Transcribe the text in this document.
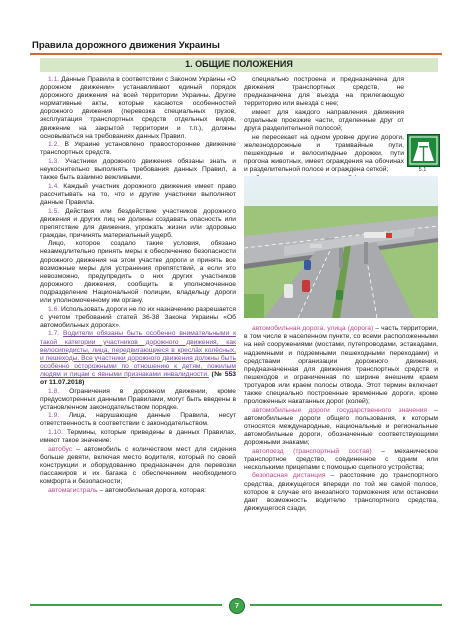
Правила дорожного движения Украины
1. ОБЩИЕ ПОЛОЖЕНИЯ

1.1. Данные Правила в соответствии с Законом Украины «О дорожном движении» устанавливают единый порядок дорожного движения на всей территории Украины. Другие нормативные акты, которые касаются особенностей дорожного движения (перевозка специальных грузов, эксплуатация транспортных средств отдельных видов, движение на закрытой территории и т.п.), должны основываться на требованиях данных Правил.

1.2. В Украине установлено правостороннее движение транспортных средств.

1.3. Участники дорожного движения обязаны знать и неукоснительно выполнять требования данных Правил, а также быть взаимно вежливыми.

1.4. Каждый участник дорожного движения имеет право рассчитывать на то, что и другие участники выполняют данные Правила.

1.5. Действия или бездействие участников дорожного движения и других лиц не должны создавать опасность или препятствие для движения, угрожать жизни или здоровью граждан, причинять материальный ущерб.

Лицо, которое создало такие условия, обязано незамедлительно принять меры к обеспечению безопасности дорожного движения на этом участке дороги и принять все возможные меры для устранения препятствий, а если это невозможно, предупредить о них других участников дорожного движения, сообщить в уполномоченное подразделение Национальной полиции, владельцу дороги или уполномоченному им органу.

1.6. Использовать дороги не по их назначению разрешается с учетом требований статей 36-38 Закона Украины «Об автомобильных дорогах».

1.7. Водители обязаны быть особенно внимательными к такой категории участников дорожного движения, как велосипедисты, лица, передвигающиеся в кресла́х колёсных, и пешеходы. Все участники дорожного движения должны быть особенно осторожными по отношению к детям, пожилым людям и лицам с явными признаками инвалидности. (№ 553 от 11.07.2018)

1.8. Ограничения в дорожном движении, кроме предусмотренных данными Правилами, могут быть введены в установленном законодательством порядке.

1.9. Лица, нарушающие данные Правила, несут ответственность в соответствии с законодательством.

1.10. Термины, которые приведены в данных Правилах, имеют такое значение:

автобус – автомобиль с количеством мест для сидения больше девяти, включая место водителя, который по своей конструкции и оборудованию предназначен для перевозки пассажиров и их багажа с обеспечением необходимого комфорта и безопасности;

автомагистраль – автомобильная дорога, которая:

специально построена и предназначена для движения транспортных средств, не предназначена для въезда на прилегающую территорию или выезда с нее;

имеет для каждого направления движения отдельные проезжие части, отделенные друг от друга разделительной полосой;

не пересекает на одном уровне другие дороги, железнодорожные и трамвайные пути, пешеходные и велосипедные дорожки, пути прогона животных, имеет ограждения на обочинах и разделительной полосе и ограждена сеткой;

автомобильная дорога, улица (дорога) – часть территории, в том числе в населенном пункте, со всеми расположенными на ней сооружениями (мостами, путепроводами, эстакадами, надземными и подземными пешеходными переходами) и средствами организации дорожного движения, предназначенная для движения транспортных средств и пешеходов и ограниченная по ширине внешним краем тротуаров или краем полосы отвода. Этот термин включает также специально построенные временные дороги, кроме проложенных накатанных дорог (колей);

автомобильные дороги государственного значения – автомобильные дороги общего пользования, к которым относятся международные, национальные и региональные автомобильные дороги, обозначенные соответствующими дорожными знаками;

автопоезд (транспортный состав) – механическое транспортное средство, соединенное с одним или несколькими прицепами с помощью сцепного устройства;

безопасная дистанция – расстояние до транспортного средства, движущегося впереди по той же самой полосе, которое в случае его внезапного торможения или остановки дает возможность водителю транспортного средства, движущегося сзади,

5.1
7
